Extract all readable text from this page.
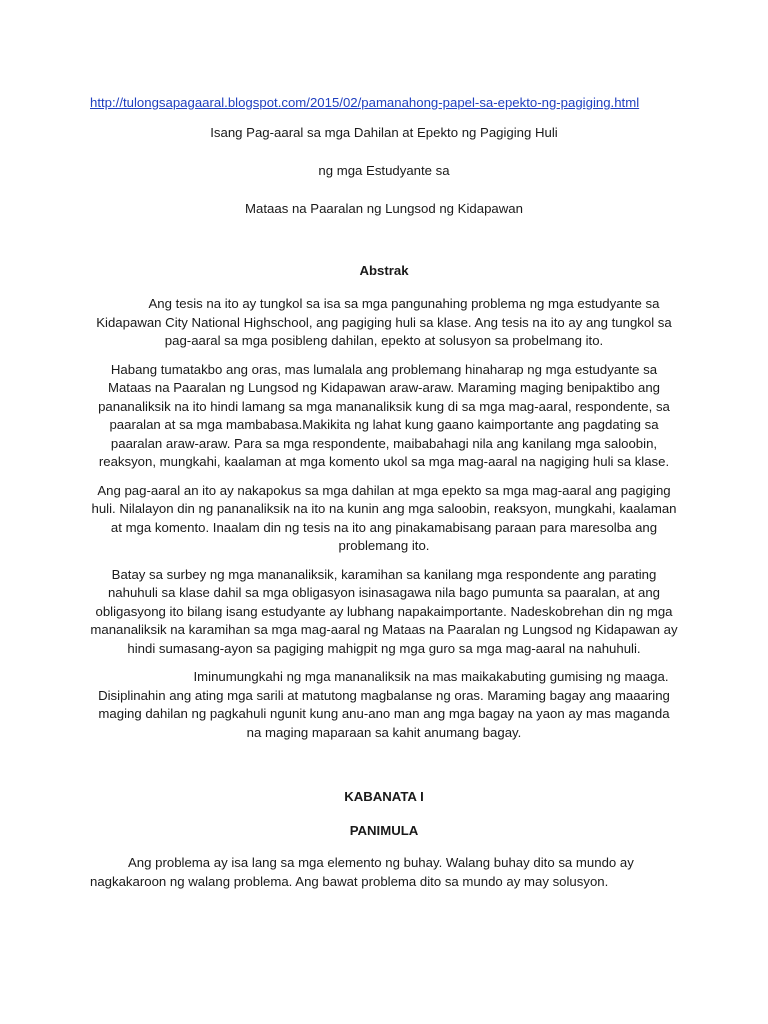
http://tulongsapagaaral.blogspot.com/2015/02/pamanahong-papel-sa-epekto-ng-pagiging.html

Isang Pag-aaral sa mga Dahilan at Epekto ng Pagiging Huli

ng mga Estudyante sa

Mataas na Paaralan ng Lungsod ng Kidapawan

Abstrak

Ang tesis na ito ay tungkol sa isa sa mga pangunahing problema ng mga estudyante sa Kidapawan City National Highschool, ang pagiging huli sa klase. Ang tesis na ito ay ang tungkol sa pag-aaral sa mga posibleng dahilan, epekto at solusyon sa probelmang ito.

Habang tumatakbo ang oras, mas lumalala ang problemang hinaharap ng mga estudyante sa Mataas na Paaralan ng Lungsod ng Kidapawan araw-araw. Maraming maging benipaktibo ang pananaliksik na ito hindi lamang sa mga mananaliksik kung di sa mga mag-aaral, respondente, sa paaralan at sa mga mambabasa.Makikita ng lahat kung gaano kaimportante ang pagdating sa paaralan araw-araw. Para sa mga respondente, maibabahagi nila ang kanilang mga saloobin, reaksyon, mungkahi, kaalaman at mga komento ukol sa mga mag-aaral na nagiging huli sa klase.

Ang pag-aaral an ito ay nakapokus sa mga dahilan at mga epekto sa mga mag-aaral ang pagiging huli. Nilalayon din ng pananaliksik na ito na kunin ang mga saloobin, reaksyon, mungkahi, kaalaman at mga komento. Inaalam din ng tesis na ito ang pinakamabisang paraan para maresolba ang problemang ito.

Batay sa surbey ng mga mananaliksik, karamihan sa kanilang mga respondente ang parating nahuhuli sa klase dahil sa mga obligasyon isinasagawa nila bago pumunta sa paaralan, at ang obligasyong ito bilang isang estudyante ay lubhang napakaimportante. Nadeskobrehan din ng mga mananaliksik na karamihan sa mga mag-aaral ng Mataas na Paaralan ng Lungsod ng Kidapawan ay hindi sumasang-ayon sa pagiging mahigpit ng mga guro sa mga mag-aaral na nahuhuli.

Iminumungkahi ng mga mananaliksik na mas maikakabuting gumising ng maaga. Disiplinahin ang ating mga sarili at matutong magbalanse ng oras. Maraming bagay ang maaaring maging dahilan ng pagkahuli ngunit kung anu-ano man ang mga bagay na yaon ay mas maganda na maging maparaan sa kahit anumang bagay.

KABANATA I
PANIMULA

Ang problema ay isa lang sa mga elemento ng buhay. Walang buhay dito sa mundo ay nagkakaroon ng walang problema. Ang bawat problema dito sa mundo ay may solusyon.
